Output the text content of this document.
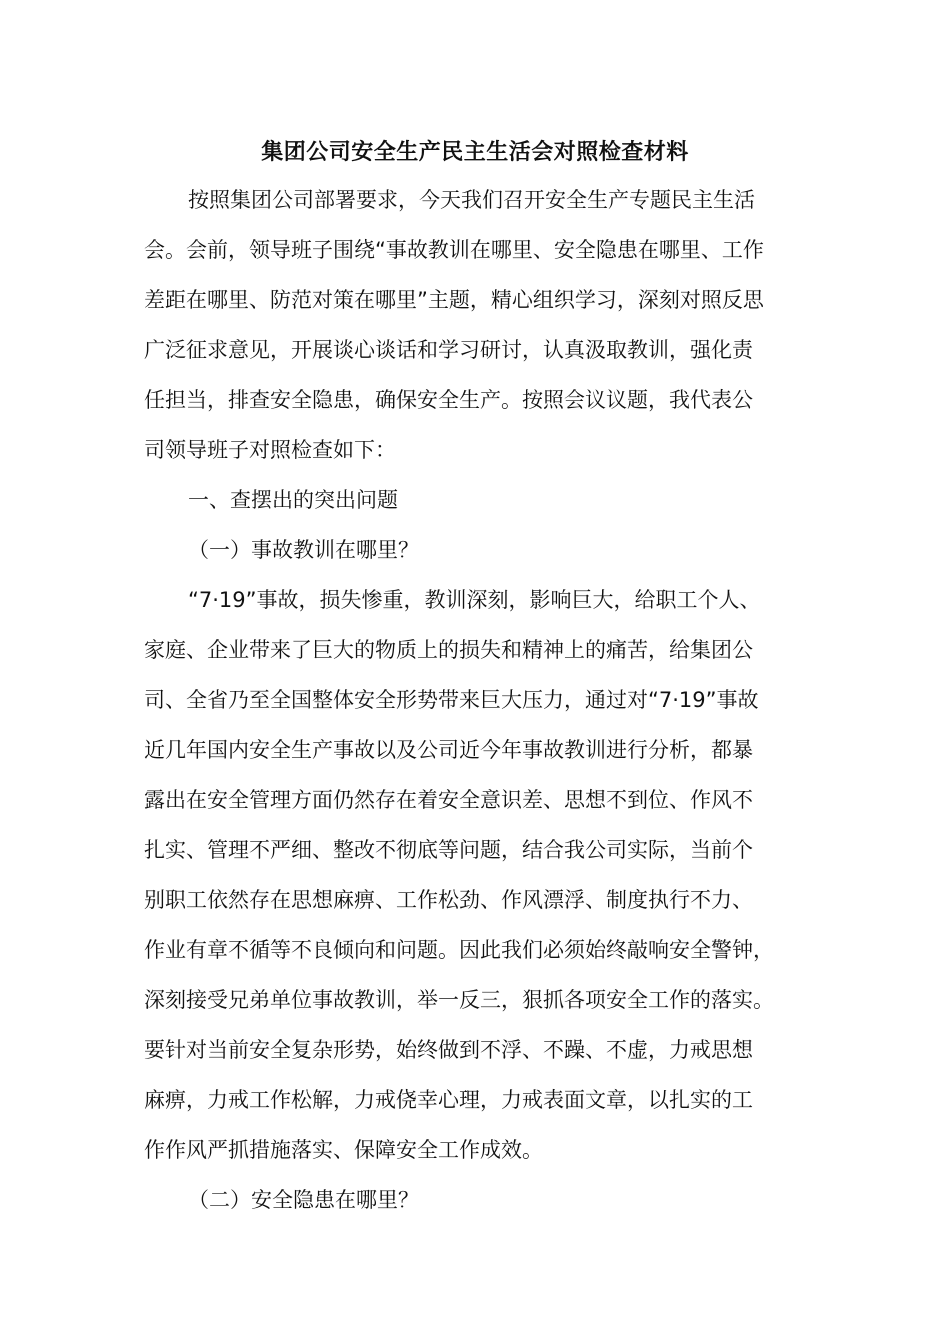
集团公司安全生产民主生活会对照检查材料
按照集团公司部署要求，今天我们召开安全生产专题民主生活
会。会前，领导班子围绕“事故教训在哪里、安全隐患在哪里、工作
差距在哪里、防范对策在哪里”主题，精心组织学习，深刻对照反思
广泛征求意见，开展谈心谈话和学习研讨，认真汲取教训，强化责
任担当，排查安全隐患，确保安全生产。按照会议议题，我代表公
司领导班子对照检查如下：
一、查摆出的突出问题
（一）事故教训在哪里？
“7·19”事故，损失惨重，教训深刻，影响巨大，给职工个人、
家庭、企业带来了巨大的物质上的损失和精神上的痛苦，给集团公
司、全省乃至全国整体安全形势带来巨大压力，通过对“7·19”事故
近几年国内安全生产事故以及公司近今年事故教训进行分析，都暴
露出在安全管理方面仍然存在着安全意识差、思想不到位、作风不
扎实、管理不严细、整改不彻底等问题，结合我公司实际，当前个
别职工依然存在思想麻痹、工作松劲、作风漂浮、制度执行不力、
作业有章不循等不良倾向和问题。因此我们必须始终敲响安全警钟，
深刻接受兄弟单位事故教训，举一反三，狠抓各项安全工作的落实。
要针对当前安全复杂形势，始终做到不浮、不躁、不虚，力戒思想
麻痹，力戒工作松解，力戒侥幸心理，力戒表面文章，以扎实的工
作作风严抓措施落实、保障安全工作成效。
（二）安全隐患在哪里？
